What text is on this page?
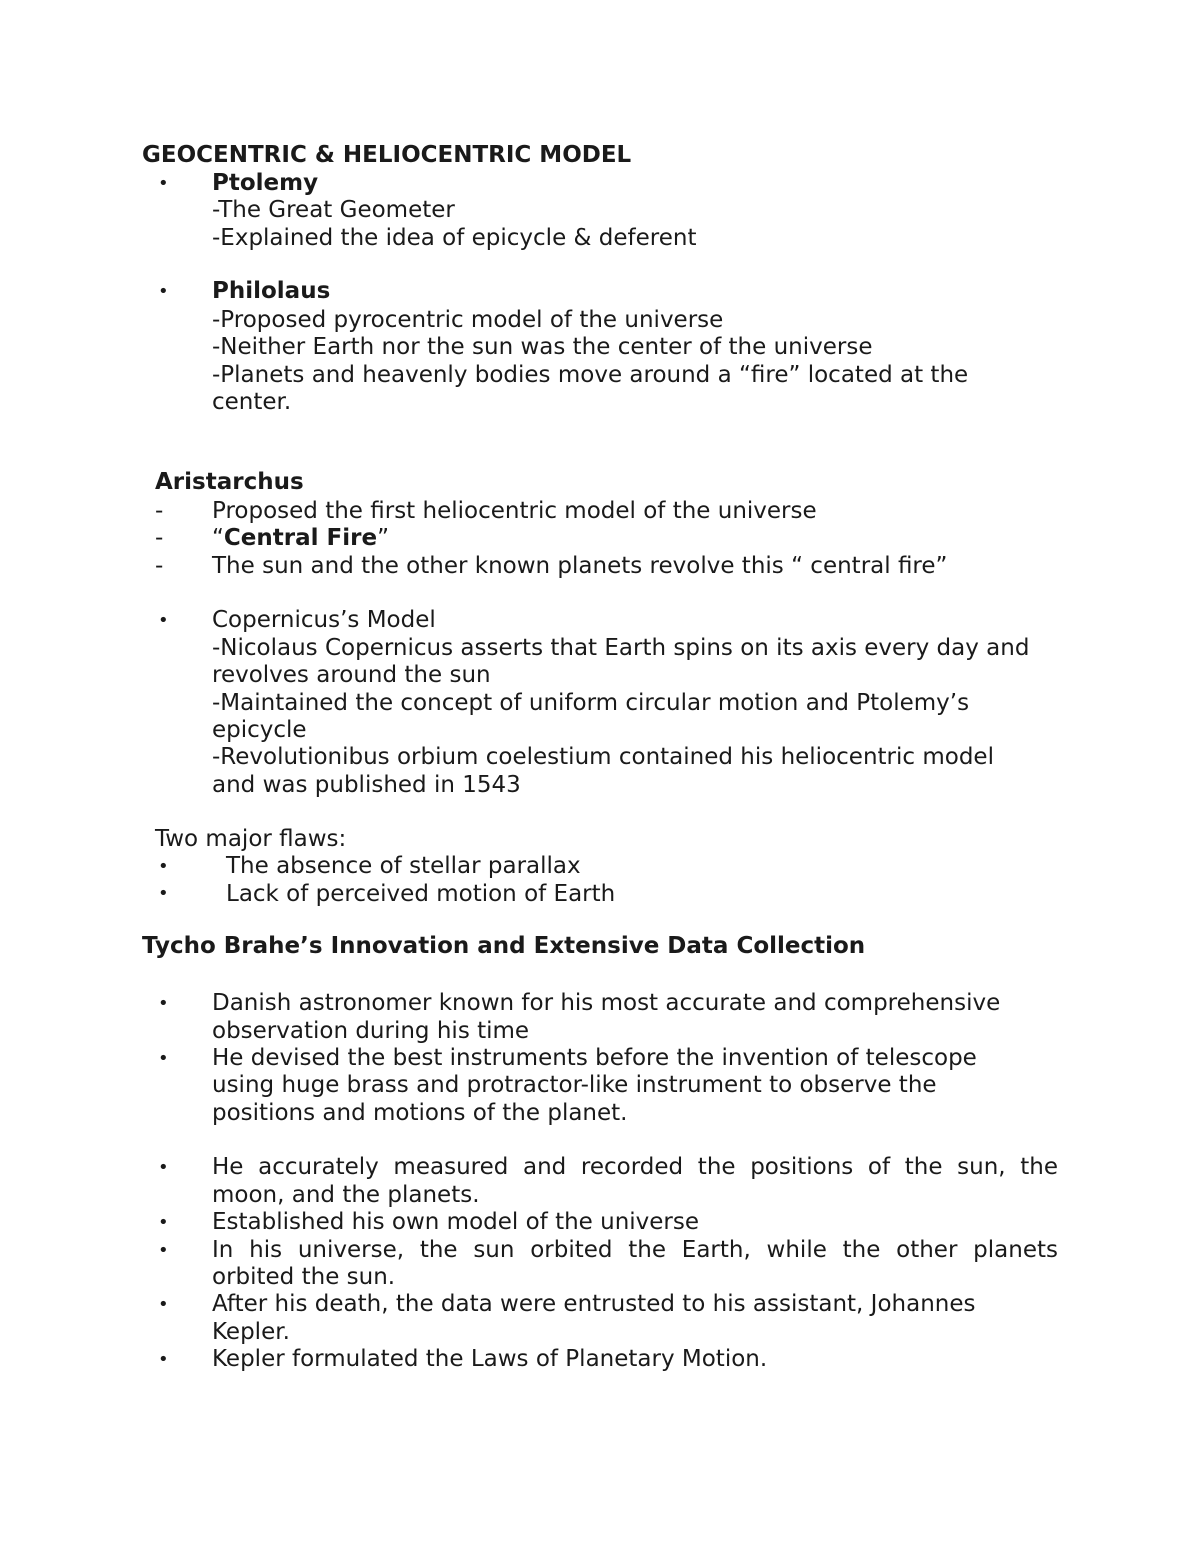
GEOCENTRIC & HELIOCENTRIC MODEL
• Ptolemy
-The Great Geometer
-Explained the idea of epicycle & deferent
• Philolaus
-Proposed pyrocentric model of the universe
-Neither Earth nor the sun was the center of the universe
-Planets and heavenly bodies move around a “fire” located at the
center.
Aristarchus
- Proposed the first heliocentric model of the universe
- “Central Fire”
- The sun and the other known planets revolve this “ central fire”
• Copernicus’s Model
-Nicolaus Copernicus asserts that Earth spins on its axis every day and
revolves around the sun
-Maintained the concept of uniform circular motion and Ptolemy’s
epicycle
-Revolutionibus orbium coelestium contained his heliocentric model
and was published in 1543
Two major flaws:
• The absence of stellar parallax
• Lack of perceived motion of Earth
Tycho Brahe’s Innovation and Extensive Data Collection
• Danish astronomer known for his most accurate and comprehensive
observation during his time
• He devised the best instruments before the invention of telescope
using huge brass and protractor-like instrument to observe the
positions and motions of the planet.
• He accurately measured and recorded the positions of the sun, the
moon, and the planets.
• Established his own model of the universe
• In his universe, the sun orbited the Earth, while the other planets
orbited the sun.
• After his death, the data were entrusted to his assistant, Johannes
Kepler.
• Kepler formulated the Laws of Planetary Motion.
